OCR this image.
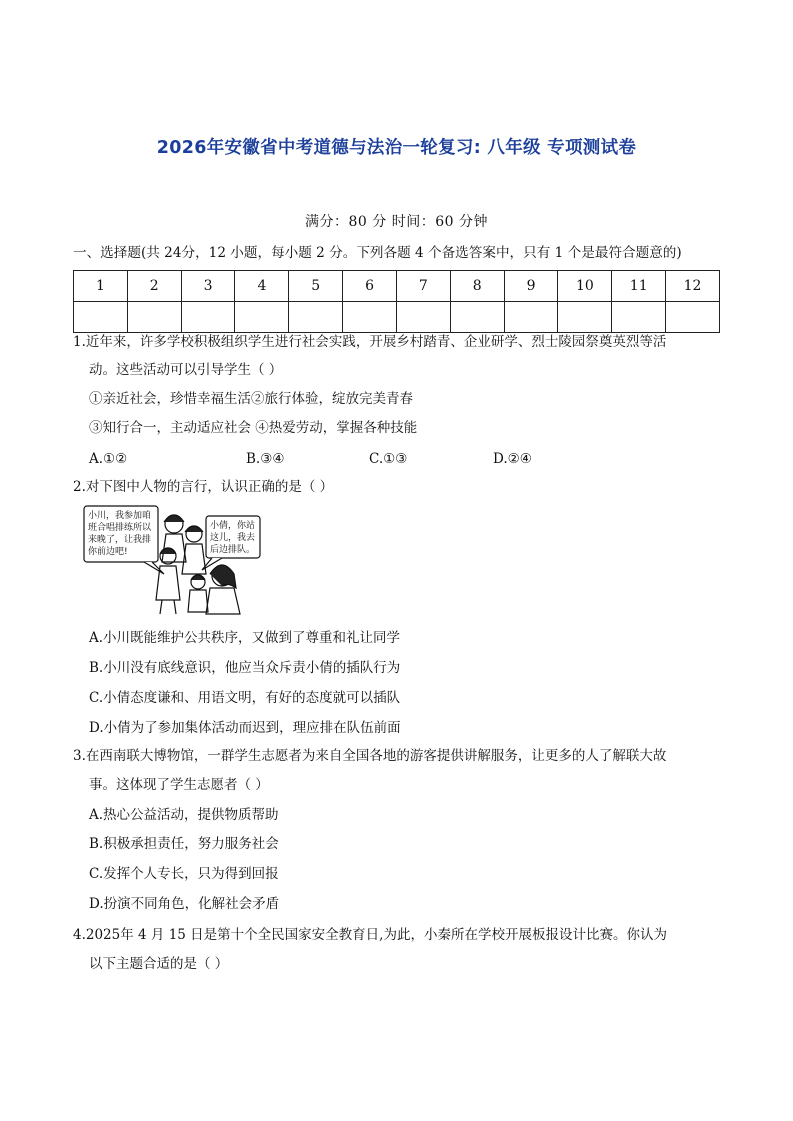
2026年安徽省中考道德与法治一轮复习: 八年级 专项测试卷
满分：80 分 时间：60 分钟
一、选择题(共 24分，12 小题，每小题 2 分。下列各题 4 个备选答案中，只有 1 个是最符合题意的)
1	2	3	4	5	6	7	8	9	10	11	12

1.近年来，许多学校积极组织学生进行社会实践，开展乡村踏青、企业研学、烈士陵园祭奠英烈等活
动。这些活动可以引导学生（ ）
①亲近社会，珍惜幸福生活②旅行体验，绽放完美青春
③知行合一，主动适应社会 ④热爱劳动，掌握各种技能
A.①②	B.③④	C.①③	D.②④
2.对下图中人物的言行，认识正确的是（ ）
小川，我参加咱
班合唱排练所以
来晚了，让我排
你前边吧!
小倩，你站
这儿，我去
后边排队。
A.小川既能维护公共秩序，又做到了尊重和礼让同学
B.小川没有底线意识，他应当众斥责小倩的插队行为
C.小倩态度谦和、用语文明，有好的态度就可以插队
D.小倩为了参加集体活动而迟到，理应排在队伍前面
3.在西南联大博物馆，一群学生志愿者为来自全国各地的游客提供讲解服务，让更多的人了解联大故
事。这体现了学生志愿者（ ）
A.热心公益活动，提供物质帮助
B.积极承担责任，努力服务社会
C.发挥个人专长，只为得到回报
D.扮演不同角色，化解社会矛盾
4.2025年 4 月 15 日是第十个全民国家安全教育日,为此，小秦所在学校开展板报设计比赛。你认为
以下主题合适的是（ ）
